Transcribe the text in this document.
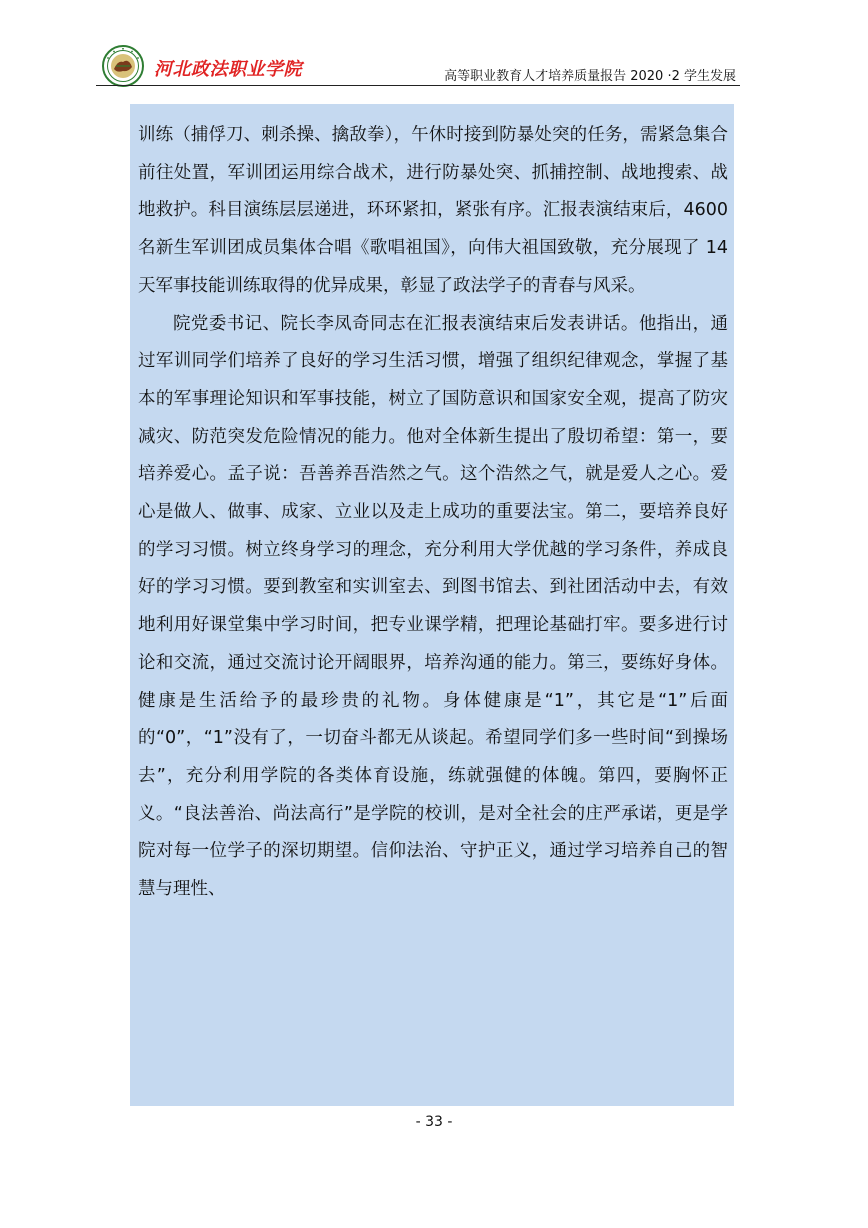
河北政法职业学院	高等职业教育人才培养质量报告 2020 ·2 学生发展

训练（捕俘刀、刺杀操、擒敌拳），午休时接到防暴处突的任务，需紧急集合前往处置，军训团运用综合战术，进行防暴处突、抓捕控制、战地搜索、战地救护。科目演练层层递进，环环紧扣，紧张有序。汇报表演结束后，4600 名新生军训团成员集体合唱《歌唱祖国》，向伟大祖国致敬，充分展现了 14 天军事技能训练取得的优异成果，彰显了政法学子的青春与风采。

院党委书记、院长李凤奇同志在汇报表演结束后发表讲话。他指出，通过军训同学们培养了良好的学习生活习惯，增强了组织纪律观念，掌握了基本的军事理论知识和军事技能，树立了国防意识和国家安全观，提高了防灾减灾、防范突发危险情况的能力。他对全体新生提出了殷切希望：第一，要培养爱心。孟子说：吾善养吾浩然之气。这个浩然之气，就是爱人之心。爱心是做人、做事、成家、立业以及走上成功的重要法宝。第二，要培养良好的学习习惯。树立终身学习的理念，充分利用大学优越的学习条件，养成良好的学习习惯。要到教室和实训室去、到图书馆去、到社团活动中去，有效地利用好课堂集中学习时间，把专业课学精，把理论基础打牢。要多进行讨论和交流，通过交流讨论开阔眼界，培养沟通的能力。第三，要练好身体。健康是生活给予的最珍贵的礼物。身体健康是“1”，其它是“1”后面的“0”，“1”没有了，一切奋斗都无从谈起。希望同学们多一些时间“到操场去”，充分利用学院的各类体育设施，练就强健的体魄。第四，要胸怀正义。“良法善治、尚法高行”是学院的校训，是对全社会的庄严承诺，更是学院对每一位学子的深切期望。信仰法治、守护正义，通过学习培养自己的智慧与理性、

- 33 -
